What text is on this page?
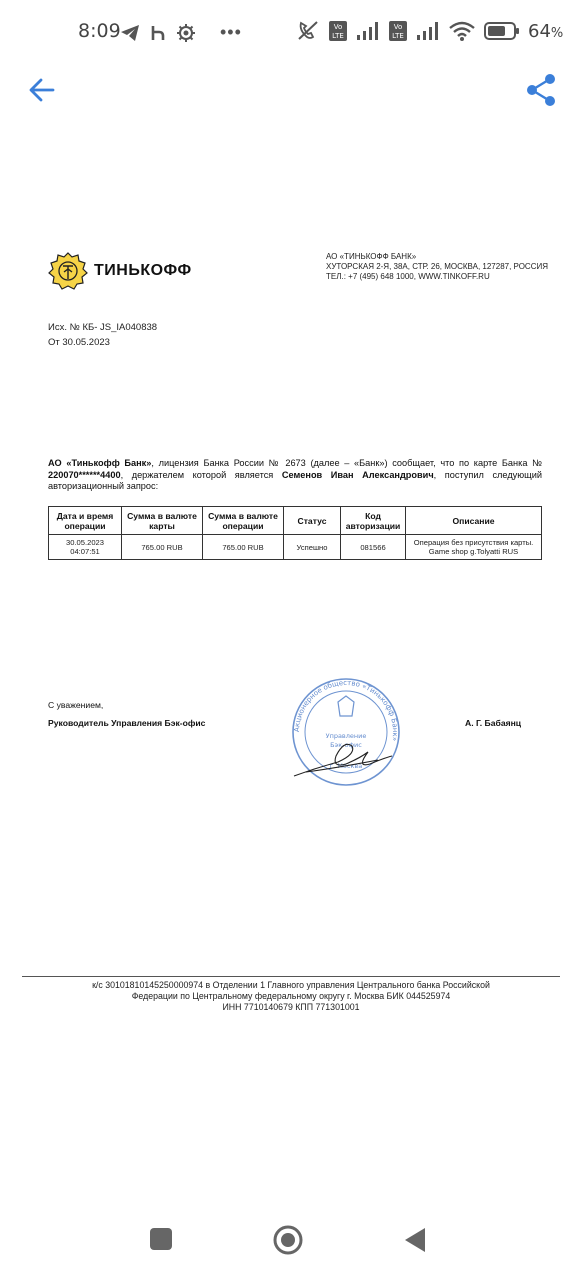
8:09	•••	Vo
LTE
Vo
LTE	64%
ТИНЬКОФФ
АО «ТИНЬКОФФ БАНК»
ХУТОРСКАЯ 2-Я, 38А, СТР. 26, МОСКВА, 127287, РОССИЯ
ТЕЛ.: +7 (495) 648 1000, WWW.TINKOFF.RU
Исх. № КБ- JS_IA040838
От 30.05.2023
АО «Тинькофф Банк», лицензия Банка России № 2673 (далее – «Банк») сообщает, что по карте Банка № 220070******4400, держателем которой является Семенов Иван Александрович, поступил следующий авторизационный запрос:
Дата и время операции	Сумма в валюте карты	Сумма в валюте операции	Статус	Код авторизации	Описание
30.05.2023 04:07:51	765.00 RUB	765.00 RUB	Успешно	081566	Операция без присутствия карты. Game shop g.Tolyatti RUS
С уважением,
Руководитель Управления Бэк-офис	А. Г. Бабаянц
Акционерное общество «Тинькофф Банк»
Управление
Бэк-офис
г. Москва
к/с 30101810145250000974 в Отделении 1 Главного управления Центрального банка Российской
Федерации по Центральному федеральному округу г. Москва БИК 044525974
ИНН 7710140679 КПП 771301001
